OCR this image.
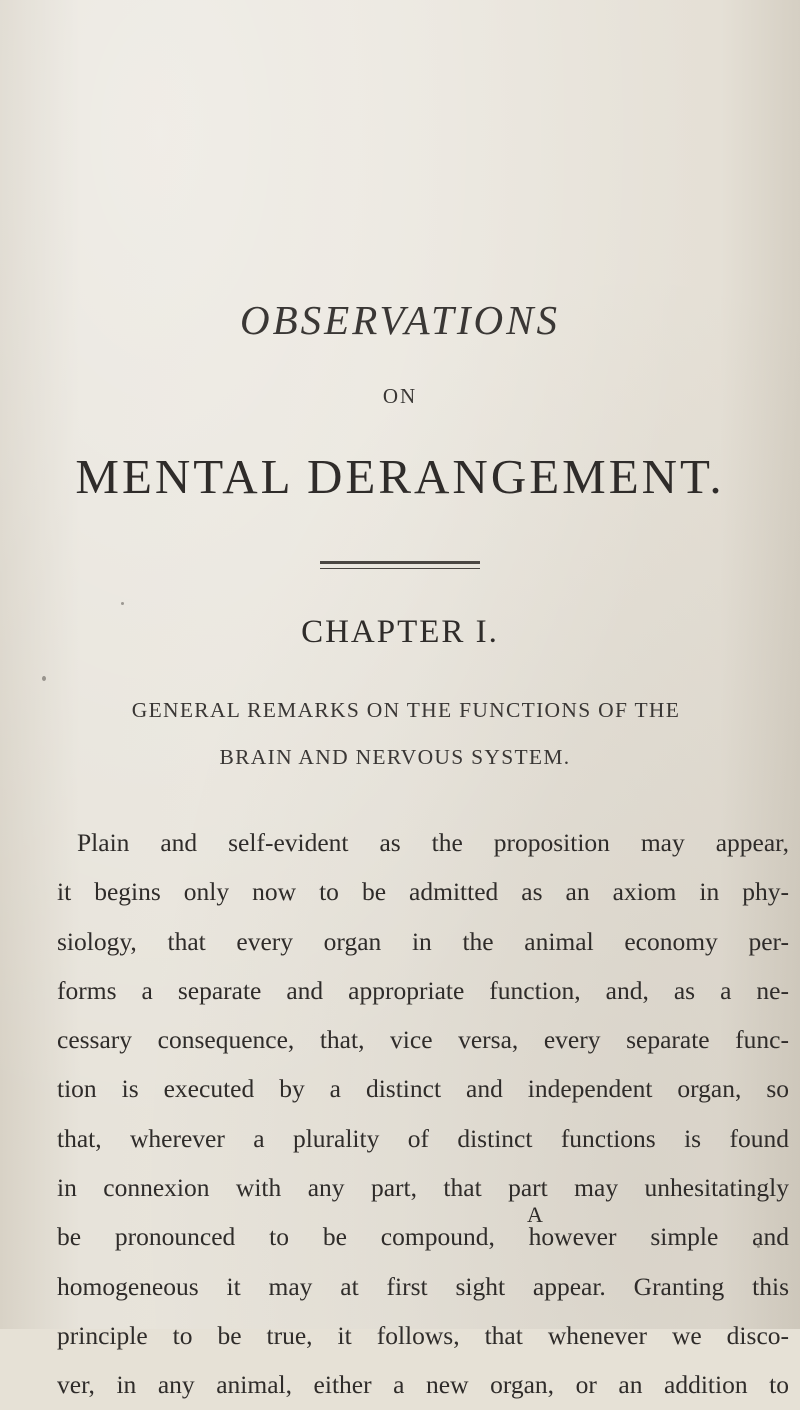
OBSERVATIONS
ON
MENTAL DERANGEMENT.
CHAPTER I.
GENERAL REMARKS ON THE FUNCTIONS OF THE
BRAIN AND NERVOUS SYSTEM.
Plain and self-evident as the proposition may appear,
it begins only now to be admitted as an axiom in phy-
siology, that every organ in the animal economy per-
forms a separate and appropriate function, and, as a ne-
cessary consequence, that, vice versa, every separate func-
tion is executed by a distinct and independent organ, so
that, wherever a plurality of distinct functions is found
in connexion with any part, that part may unhesitatingly
be pronounced to be compound, however simple and
homogeneous it may at first sight appear. Granting this
principle to be true, it follows, that whenever we disco-
ver, in any animal, either a new organ, or an addition to
A
